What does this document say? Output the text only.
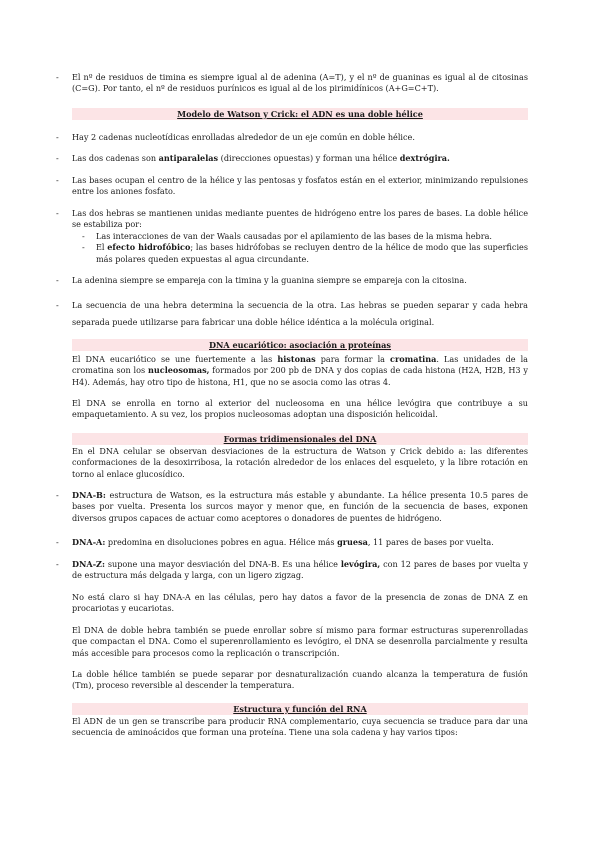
- El nº de residuos de timina es siempre igual al de adenina (A=T), y el nº de guaninas es igual al de citosinas (C=G). Por tanto, el nº de residuos purínicos es igual al de los pirimidínicos (A+G=C+T).
Modelo de Watson y Crick: el ADN es una doble hélice
- Hay 2 cadenas nucleotídicas enrolladas alrededor de un eje común en doble hélice.
- Las dos cadenas son antiparalelas (direcciones opuestas) y forman una hélice dextrógira.
- Las bases ocupan el centro de la hélice y las pentosas y fosfatos están en el exterior, minimizando repulsiones entre los aniones fosfato.
- Las dos hebras se mantienen unidas mediante puentes de hidrógeno entre los pares de bases. La doble hélice se estabiliza por:
- Las interacciones de van der Waals causadas por el apilamiento de las bases de la misma hebra.
- El efecto hidrofóbico; las bases hidrófobas se recluyen dentro de la hélice de modo que las superficies más polares queden expuestas al agua circundante.
- La adenina siempre se empareja con la timina y la guanina siempre se empareja con la citosina.
- La secuencia de una hebra determina la secuencia de la otra. Las hebras se pueden separar y cada hebra separada puede utilizarse para fabricar una doble hélice idéntica a la molécula original.
DNA eucariótico: asociación a proteínas
El DNA eucariótico se une fuertemente a las histonas para formar la cromatina. Las unidades de la cromatina son los nucleosomas, formados por 200 pb de DNA y dos copias de cada histona (H2A, H2B, H3 y H4). Además, hay otro tipo de histona, H1, que no se asocia como las otras 4.
El DNA se enrolla en torno al exterior del nucleosoma en una hélice levógira que contribuye a su empaquetamiento. A su vez, los propios nucleosomas adoptan una disposición helicoidal.
Formas tridimensionales del DNA
En el DNA celular se observan desviaciones de la estructura de Watson y Crick debido a: las diferentes conformaciones de la desoxirribosa, la rotación alrededor de los enlaces del esqueleto, y la libre rotación en torno al enlace glucosídico.
- DNA-B: estructura de Watson, es la estructura más estable y abundante. La hélice presenta 10.5 pares de bases por vuelta. Presenta los surcos mayor y menor que, en función de la secuencia de bases, exponen diversos grupos capaces de actuar como aceptores o donadores de puentes de hidrógeno.
- DNA-A: predomina en disoluciones pobres en agua. Hélice más gruesa, 11 pares de bases por vuelta.
- DNA-Z: supone una mayor desviación del DNA-B. Es una hélice levógira, con 12 pares de bases por vuelta y de estructura más delgada y larga, con un ligero zigzag.
No está claro si hay DNA-A en las células, pero hay datos a favor de la presencia de zonas de DNA Z en procariotas y eucariotas.
El DNA de doble hebra también se puede enrollar sobre sí mismo para formar estructuras superenrolladas que compactan el DNA. Como el superenrollamiento es levógiro, el DNA se desenrolla parcialmente y resulta más accesible para procesos como la replicación o transcripción.
La doble hélice también se puede separar por desnaturalización cuando alcanza la temperatura de fusión (Tm), proceso reversible al descender la temperatura.
Estructura y función del RNA
El ADN de un gen se transcribe para producir RNA complementario, cuya secuencia se traduce para dar una secuencia de aminoácidos que forman una proteína. Tiene una sola cadena y hay varios tipos:
